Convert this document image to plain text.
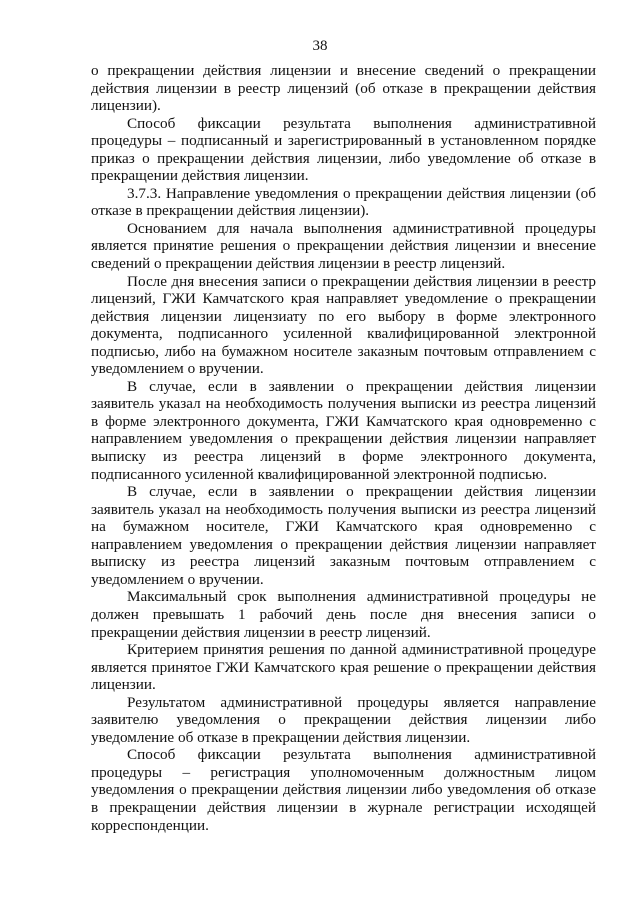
38

о прекращении действия лицензии и внесение сведений о прекращении действия лицензии в реестр лицензий (об отказе в прекращении действия лицензии).

Способ фиксации результата выполнения административной процедуры – подписанный и зарегистрированный в установленном порядке приказ о прекращении действия лицензии, либо уведомление об отказе в прекращении действия лицензии.

3.7.3. Направление уведомления о прекращении действия лицензии (об отказе в прекращении действия лицензии).

Основанием для начала выполнения административной процедуры является принятие решения о прекращении действия лицензии и внесение сведений о прекращении действия лицензии в реестр лицензий.

После дня внесения записи о прекращении действия лицензии в реестр лицензий, ГЖИ Камчатского края направляет уведомление о прекращении действия лицензии лицензиату по его выбору в форме электронного документа, подписанного усиленной квалифицированной электронной подписью, либо на бумажном носителе заказным почтовым отправлением с уведомлением о вручении.

В случае, если в заявлении о прекращении действия лицензии заявитель указал на необходимость получения выписки из реестра лицензий в форме электронного документа, ГЖИ Камчатского края одновременно с направлением уведомления о прекращении действия лицензии направляет выписку из реестра лицензий в форме электронного документа, подписанного усиленной квалифицированной электронной подписью.

В случае, если в заявлении о прекращении действия лицензии заявитель указал на необходимость получения выписки из реестра лицензий на бумажном носителе, ГЖИ Камчатского края одновременно с направлением уведомления о прекращении действия лицензии направляет выписку из реестра лицензий заказным почтовым отправлением с уведомлением о вручении.

Максимальный срок выполнения административной процедуры не должен превышать 1 рабочий день после дня внесения записи о прекращении действия лицензии в реестр лицензий.

Критерием принятия решения по данной административной процедуре является принятое ГЖИ Камчатского края решение о прекращении действия лицензии.

Результатом административной процедуры является направление заявителю уведомления о прекращении действия лицензии либо уведомление об отказе в прекращении действия лицензии.

Способ фиксации результата выполнения административной процедуры – регистрация уполномоченным должностным лицом уведомления о прекращении действия лицензии либо уведомления об отказе в прекращении действия лицензии в журнале регистрации исходящей корреспонденции.
